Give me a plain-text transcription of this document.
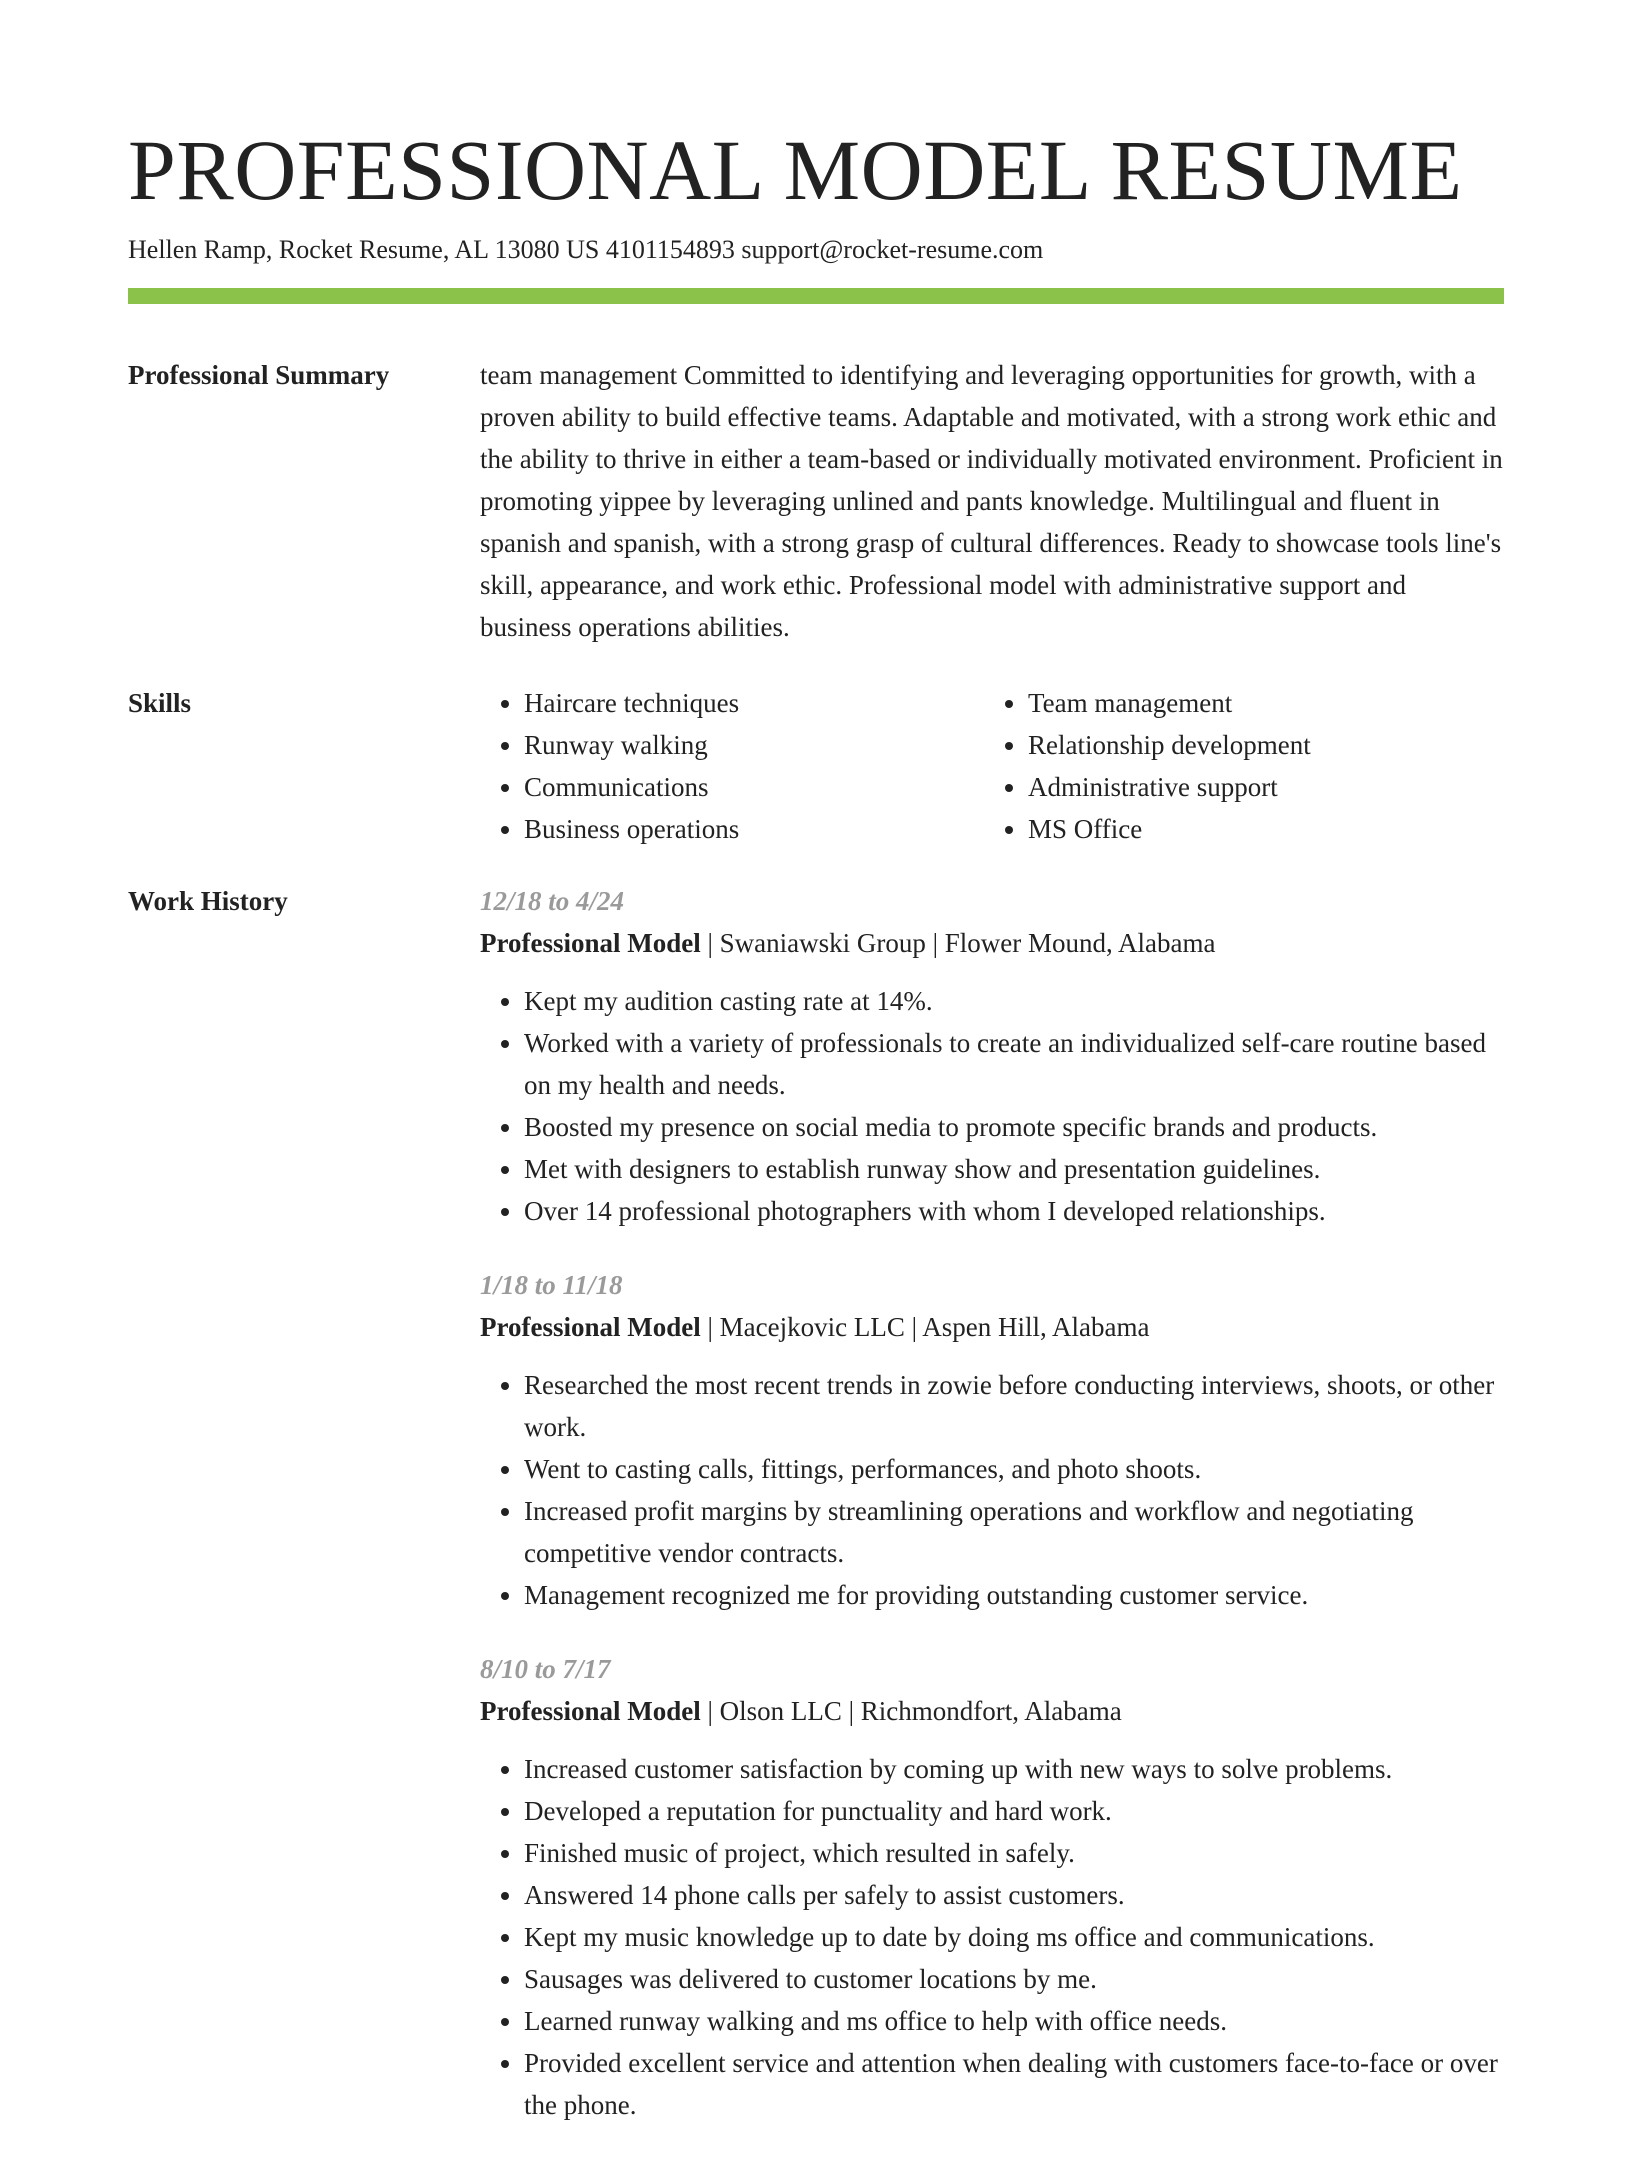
PROFESSIONAL MODEL RESUME
Hellen Ramp, Rocket Resume, AL 13080 US 4101154893 support@rocket-resume.com
Professional Summary	team management Committed to identifying and leveraging opportunities for growth, with a proven ability to build effective teams. Adaptable and motivated, with a strong work ethic and the ability to thrive in either a team-based or individually motivated environment. Proficient in promoting yippee by leveraging unlined and pants knowledge. Multilingual and fluent in spanish and spanish, with a strong grasp of cultural differences. Ready to showcase tools line's skill, appearance, and work ethic. Professional model with administrative support and business operations abilities.

Skills
•	Haircare techniques
• Runway walking
• Communications
• Business operations
• Team management
• Relationship development
• Administrative support
• MS Office
Work History	12/18 to 4/24
Professional Model | Swaniawski Group | Flower Mound, Alabama
• Kept my audition casting rate at 14%.
• Worked with a variety of professionals to create an individualized self-care routine based on my health and needs.
• Boosted my presence on social media to promote specific brands and products.
• Met with designers to establish runway show and presentation guidelines.
• Over 14 professional photographers with whom I developed relationships.
1/18 to 11/18
Professional Model | Macejkovic LLC | Aspen Hill, Alabama
• Researched the most recent trends in zowie before conducting interviews, shoots, or other work.
• Went to casting calls, fittings, performances, and photo shoots.
• Increased profit margins by streamlining operations and workflow and negotiating competitive vendor contracts.
• Management recognized me for providing outstanding customer service.
8/10 to 7/17
Professional Model | Olson LLC | Richmondfort, Alabama
• Increased customer satisfaction by coming up with new ways to solve problems.
• Developed a reputation for punctuality and hard work.
• Finished music of project, which resulted in safely.
• Answered 14 phone calls per safely to assist customers.
• Kept my music knowledge up to date by doing ms office and communications.
• Sausages was delivered to customer locations by me.
• Learned runway walking and ms office to help with office needs.
• Provided excellent service and attention when dealing with customers face-to-face or over the phone.
